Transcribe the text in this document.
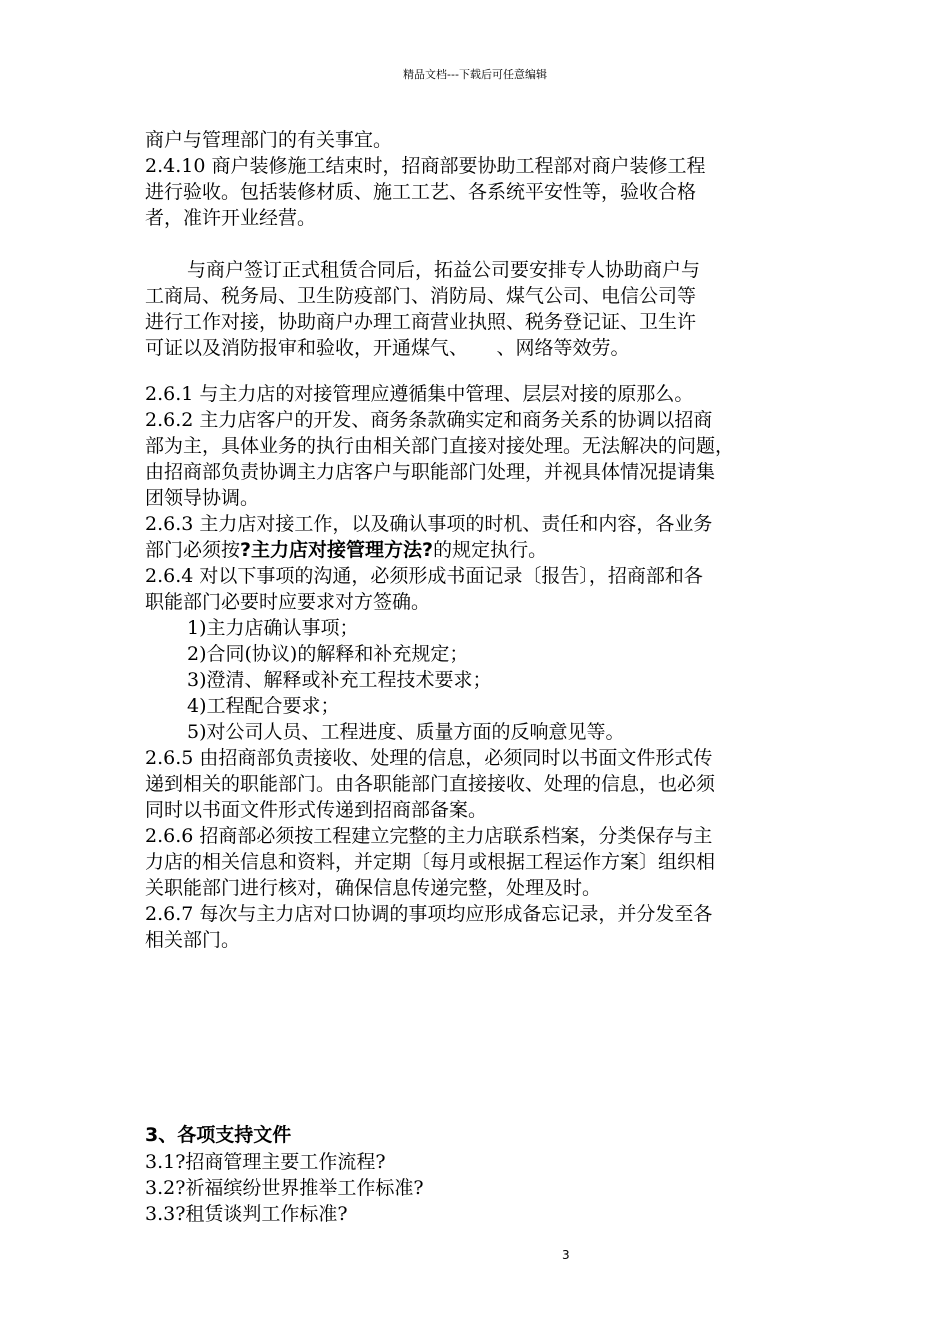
精品文档---下载后可任意编辑
商户与管理部门的有关事宜。
2.4.10 商户装修施工结束时，招商部要协助工程部对商户装修工程
进行验收。包括装修材质、施工工艺、各系统平安性等，验收合格
者，准许开业经营。
与商户签订正式租赁合同后，拓益公司要安排专人协助商户与
工商局、税务局、卫生防疫部门、消防局、煤气公司、电信公司等
进行工作对接，协助商户办理工商营业执照、税务登记证、卫生许
可证以及消防报审和验收，开通煤气、　　、网络等效劳。
2.6.1 与主力店的对接管理应遵循集中管理、层层对接的原那么。
2.6.2 主力店客户的开发、商务条款确实定和商务关系的协调以招商
部为主，具体业务的执行由相关部门直接对接处理。无法解决的问题，
由招商部负责协调主力店客户与职能部门处理，并视具体情况提请集
团领导协调。
2.6.3 主力店对接工作，以及确认事项的时机、责任和内容，各业务
部门必须按?主力店对接管理方法?的规定执行。
2.6.4 对以下事项的沟通，必须形成书面记录〔报告〕，招商部和各
职能部门必要时应要求对方签确。
1)主力店确认事项；
2)合同(协议)的解释和补充规定；
3)澄清、解释或补充工程技术要求；
4)工程配合要求；
5)对公司人员、工程进度、质量方面的反响意见等。
2.6.5 由招商部负责接收、处理的信息，必须同时以书面文件形式传
递到相关的职能部门。由各职能部门直接接收、处理的信息，也必须
同时以书面文件形式传递到招商部备案。
2.6.6 招商部必须按工程建立完整的主力店联系档案，分类保存与主
力店的相关信息和资料，并定期〔每月或根据工程运作方案〕组织相
关职能部门进行核对，确保信息传递完整，处理及时。
2.6.7 每次与主力店对口协调的事项均应形成备忘记录，并分发至各
相关部门。
3、各项支持文件
3.1?招商管理主要工作流程?
3.2?祈福缤纷世界推举工作标准?
3.3?租赁谈判工作标准?
3
